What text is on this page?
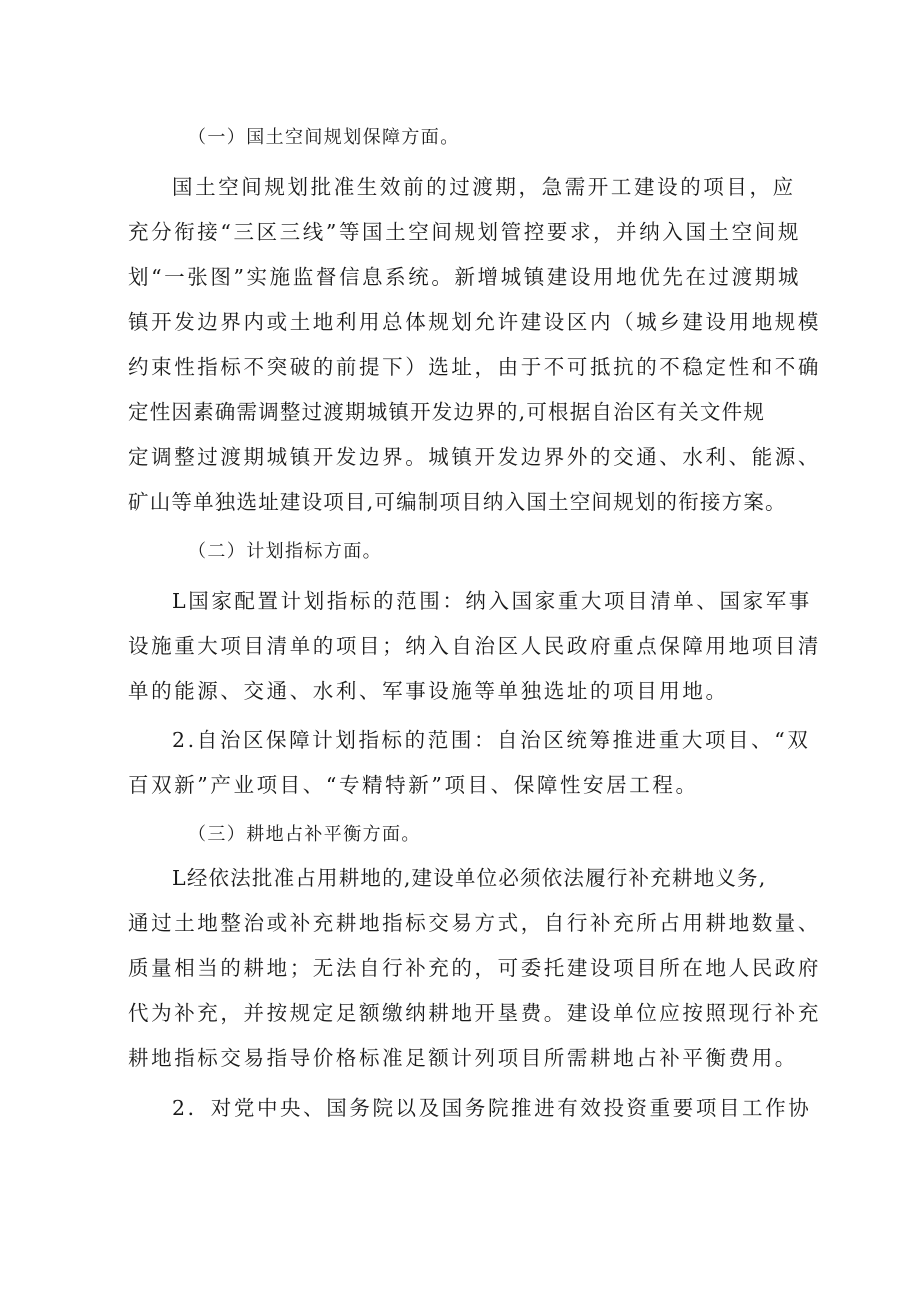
（一）国土空间规划保障方面。
国土空间规划批准生效前的过渡期，急需开工建设的项目，应
充分衔接“三区三线”等国土空间规划管控要求，并纳入国土空间规
划“一张图”实施监督信息系统。新增城镇建设用地优先在过渡期城
镇开发边界内或土地利用总体规划允许建设区内（城乡建设用地规模
约束性指标不突破的前提下）选址，由于不可抵抗的不稳定性和不确
定性因素确需调整过渡期城镇开发边界的,可根据自治区有关文件规
定调整过渡期城镇开发边界。城镇开发边界外的交通、水利、能源、
矿山等单独选址建设项目,可编制项目纳入国土空间规划的衔接方案。
（二）计划指标方面。
L国家配置计划指标的范围：纳入国家重大项目清单、国家军事
设施重大项目清单的项目；纳入自治区人民政府重点保障用地项目清
单的能源、交通、水利、军事设施等单独选址的项目用地。
2.自治区保障计划指标的范围：自治区统筹推进重大项目、“双
百双新”产业项目、“专精特新”项目、保障性安居工程。
（三）耕地占补平衡方面。
L经依法批准占用耕地的,建设单位必须依法履行补充耕地义务,
通过土地整治或补充耕地指标交易方式，自行补充所占用耕地数量、
质量相当的耕地；无法自行补充的，可委托建设项目所在地人民政府
代为补充，并按规定足额缴纳耕地开垦费。建设单位应按照现行补充
耕地指标交易指导价格标准足额计列项目所需耕地占补平衡费用。
2．对党中央、国务院以及国务院推进有效投资重要项目工作协
